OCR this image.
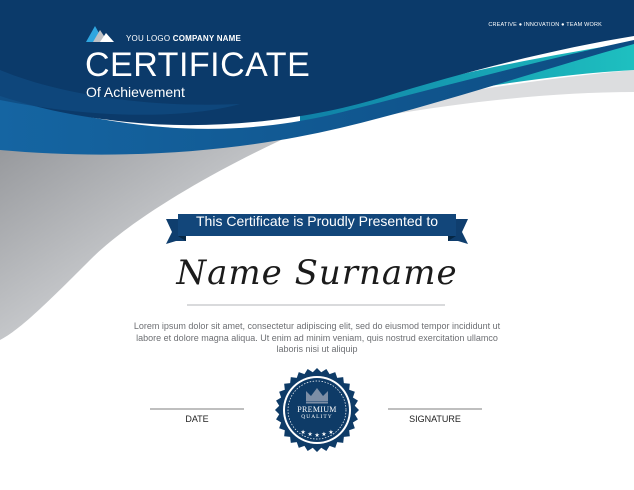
★ ★ ★ ★ ★
YOU LOGO COMPANY NAME
CREATIVE ● INNOVATION ● TEAM WORK
CERTIFICATE
Of Achievement
This Certificate is Proudly Presented to
Name Surname
Lorem ipsum dolor sit amet, consectetur adipiscing elit, sed do eiusmod tempor incididunt ut labore et dolore magna aliqua. Ut enim ad minim veniam, quis nostrud exercitation ullamco laboris nisi ut aliquip
DATE	SIGNATURE
PREMIUM
QUALITY
